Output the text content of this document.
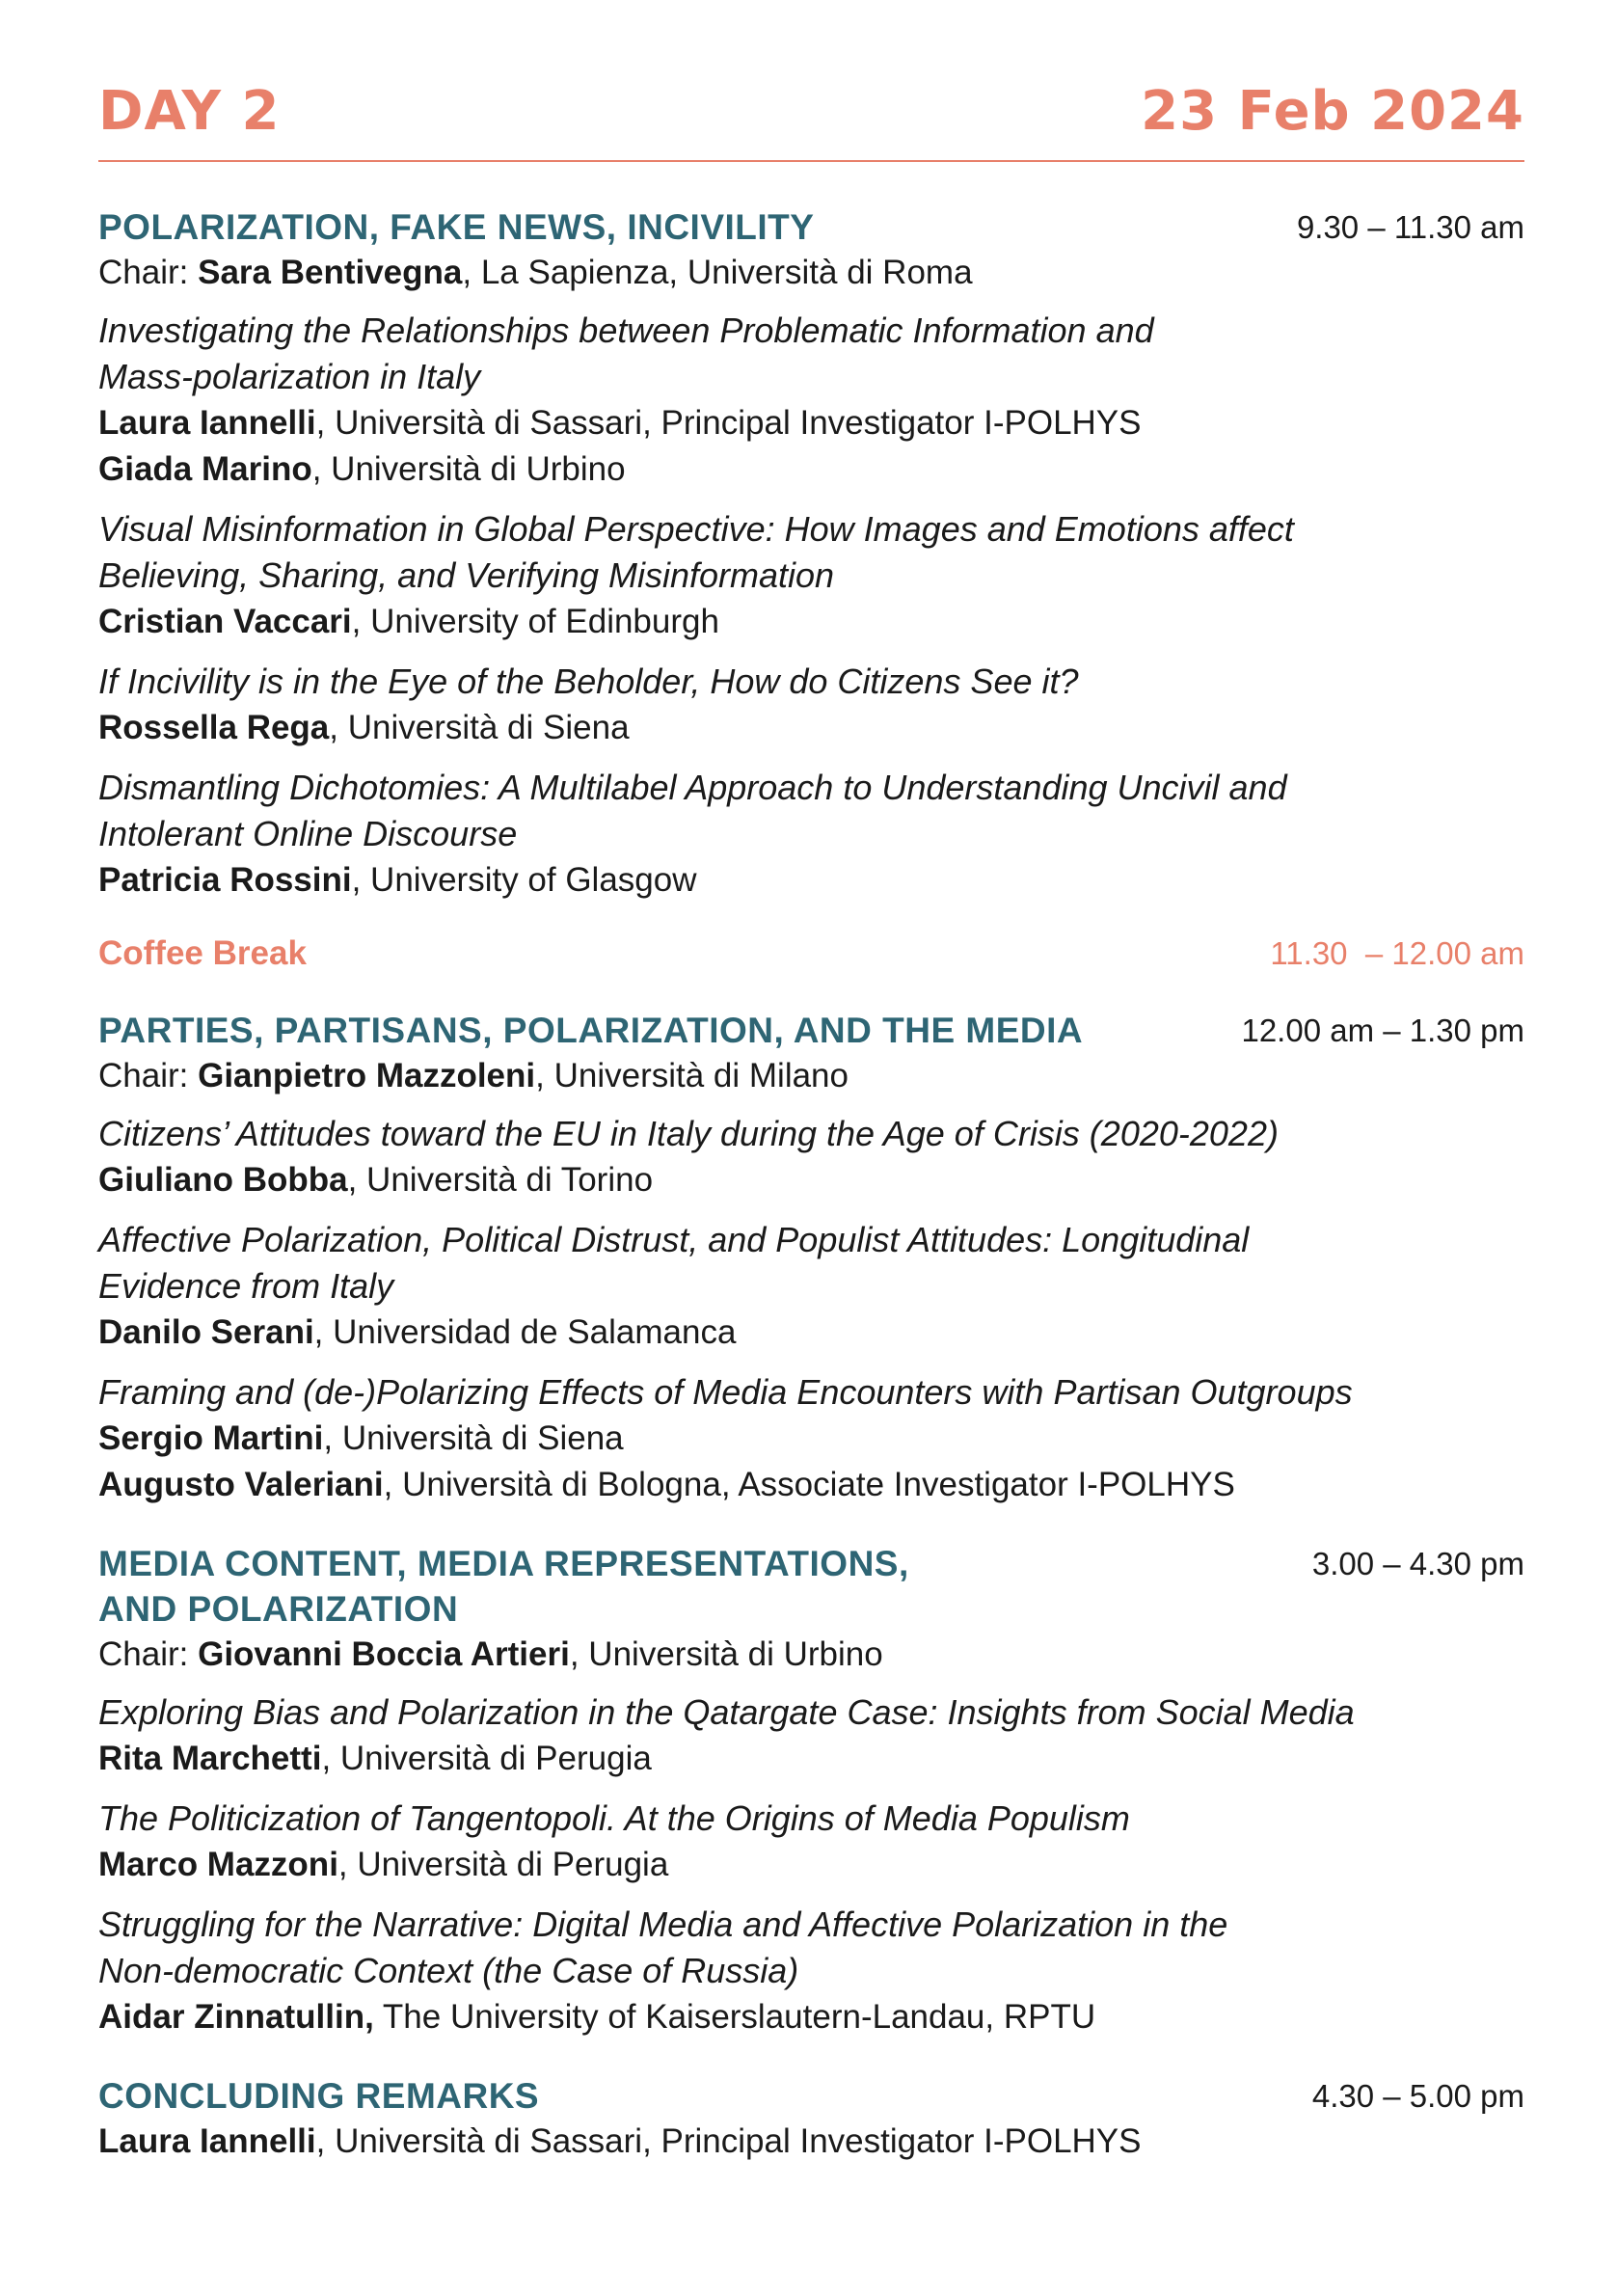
DAY 2	23 Feb 2024
POLARIZATION, FAKE NEWS, INCIVILITY	9.30 – 11.30 am
Chair: Sara Bentivegna, La Sapienza, Università di Roma
Investigating the Relationships between Problematic Information and
Mass-polarization in Italy
Laura Iannelli, Università di Sassari, Principal Investigator I-POLHYS
Giada Marino, Università di Urbino
Visual Misinformation in Global Perspective: How Images and Emotions affect
Believing, Sharing, and Verifying Misinformation
Cristian Vaccari, University of Edinburgh
If Incivility is in the Eye of the Beholder, How do Citizens See it?
Rossella Rega, Università di Siena
Dismantling Dichotomies: A Multilabel Approach to Understanding Uncivil and
Intolerant Online Discourse
Patricia Rossini, University of Glasgow
Coffee Break	11.30  – 12.00 am
PARTIES, PARTISANS, POLARIZATION, AND THE MEDIA	12.00 am – 1.30 pm
Chair: Gianpietro Mazzoleni, Università di Milano
Citizens’ Attitudes toward the EU in Italy during the Age of Crisis (2020-2022)
Giuliano Bobba, Università di Torino
Affective Polarization, Political Distrust, and Populist Attitudes: Longitudinal
Evidence from Italy
Danilo Serani, Universidad de Salamanca
Framing and (de-)Polarizing Effects of Media Encounters with Partisan Outgroups
Sergio Martini, Università di Siena
Augusto Valeriani, Università di Bologna, Associate Investigator I-POLHYS
MEDIA CONTENT, MEDIA REPRESENTATIONS,
AND POLARIZATION
3.00 – 4.30 pm
Chair: Giovanni Boccia Artieri, Università di Urbino
Exploring Bias and Polarization in the Qatargate Case: Insights from Social Media
Rita Marchetti, Università di Perugia
The Politicization of Tangentopoli. At the Origins of Media Populism
Marco Mazzoni, Università di Perugia
Struggling for the Narrative: Digital Media and Affective Polarization in the
Non-democratic Context (the Case of Russia)
Aidar Zinnatullin, The University of Kaiserslautern-Landau, RPTU
CONCLUDING REMARKS	4.30 – 5.00 pm
Laura Iannelli, Università di Sassari, Principal Investigator I-POLHYS
